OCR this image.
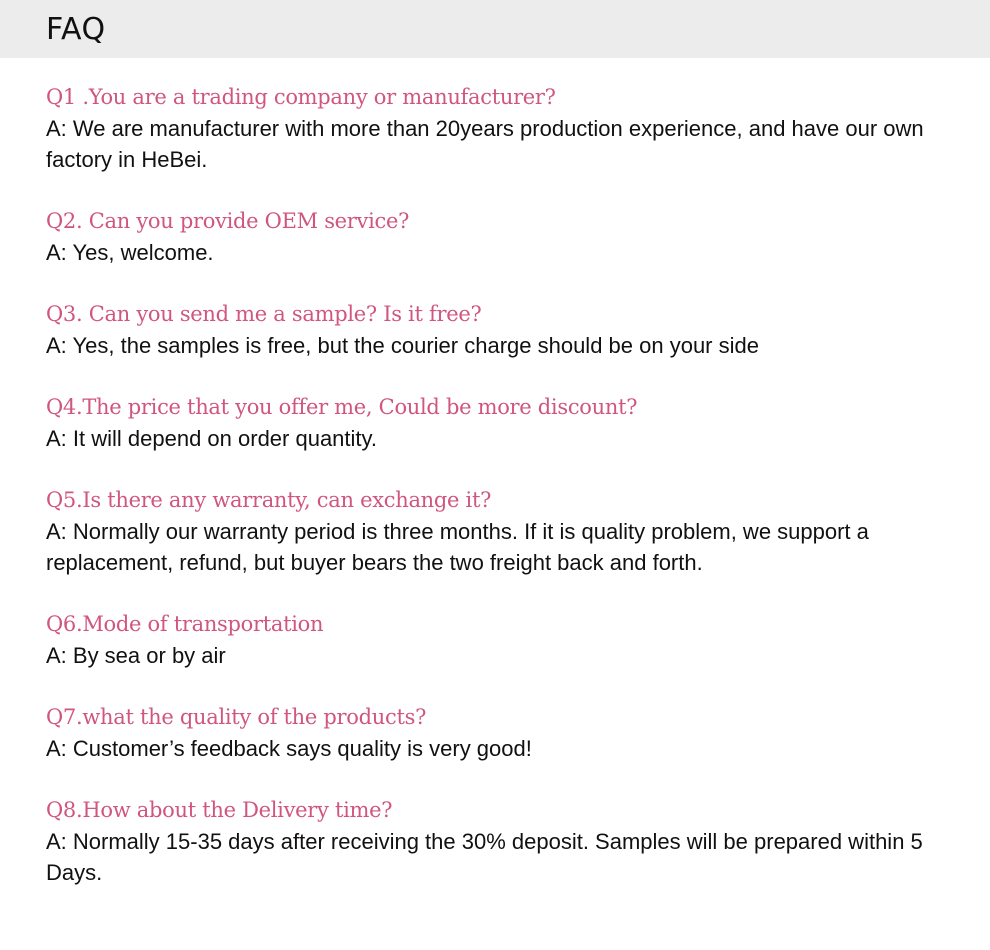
FAQ
Q1 .You are a trading company or manufacturer?
A: We are manufacturer with more than 20years production experience, and have our own factory in HeBei.
Q2. Can you provide OEM service?
A: Yes, welcome.
Q3. Can you send me a sample? Is it free?
A: Yes, the samples is free, but the courier charge should be on your side
Q4.The price that you offer me, Could be more discount?
A: It will depend on order quantity.
Q5.Is there any warranty, can exchange it?
A: Normally our warranty period is three months. If it is quality problem, we support a replacement, refund, but buyer bears the two freight back and forth.
Q6.Mode of transportation
A: By sea or by air
Q7.what the quality of the products?
A: Customer’s feedback says quality is very good!
Q8.How about the Delivery time?
A: Normally 15-35 days after receiving the 30% deposit. Samples will be prepared within 5 Days.
